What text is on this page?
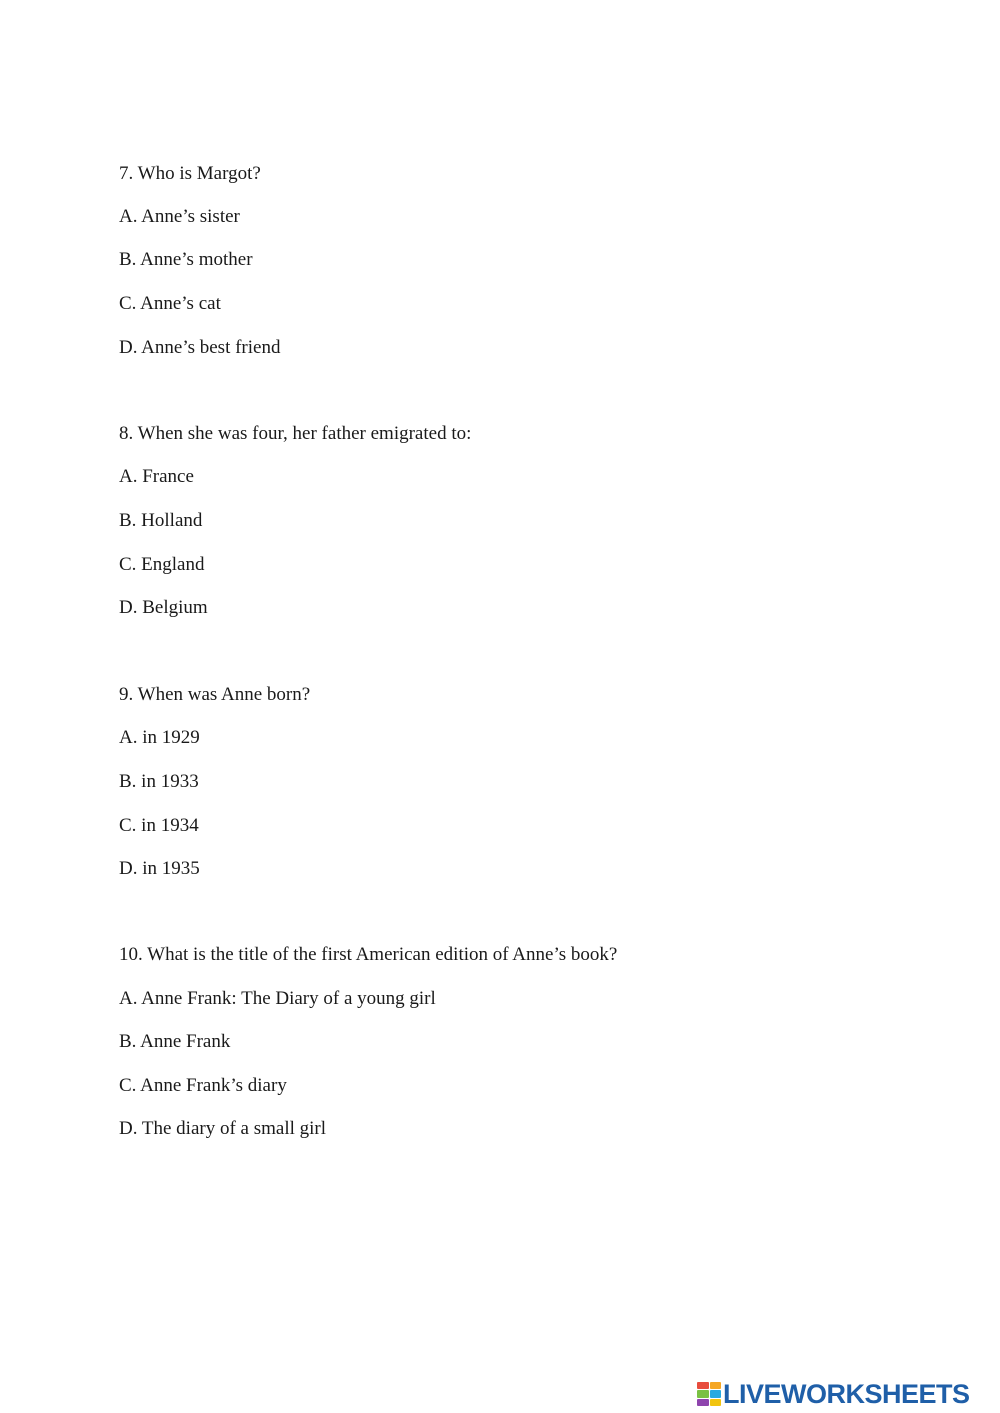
7. Who is Margot?
A. Anne’s sister
B. Anne’s mother
C. Anne’s cat
D. Anne’s best friend
8. When she was four, her father emigrated to:
A. France
B. Holland
C. England
D. Belgium
9. When was Anne born?
A. in 1929
B. in 1933
C. in 1934
D. in 1935
10. What is the title of the first American edition of Anne’s book?
A. Anne Frank: The Diary of a young girl
B. Anne Frank
C. Anne Frank’s diary
D. The diary of a small girl
LIVEWORKSHEETS
